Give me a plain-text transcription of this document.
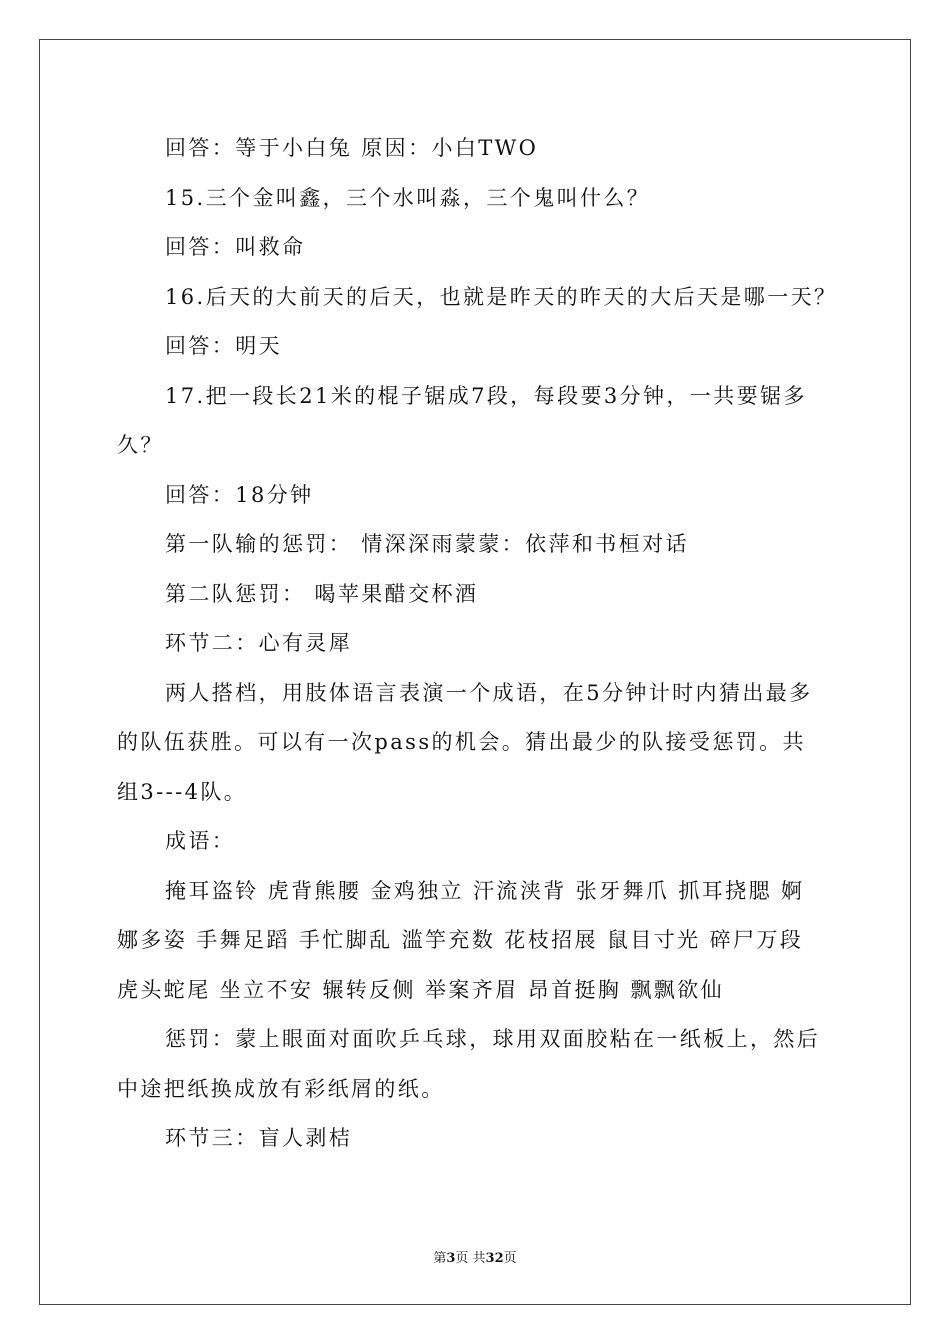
回答：等于小白兔 原因：小白TWO
15.三个金叫鑫，三个水叫淼，三个鬼叫什么？
回答：叫救命
16.后天的大前天的后天，也就是昨天的昨天的大后天是哪一天？
回答：明天
17.把一段长21米的棍子锯成7段，每段要3分钟，一共要锯多
久？
回答：18分钟
第一队输的惩罚： 情深深雨蒙蒙：依萍和书桓对话
第二队惩罚： 喝苹果醋交杯酒
环节二：心有灵犀
两人搭档，用肢体语言表演一个成语，在5分钟计时内猜出最多
的队伍获胜。可以有一次pass的机会。猜出最少的队接受惩罚。共
组3---4队。
成语：
掩耳盗铃 虎背熊腰 金鸡独立 汗流浃背 张牙舞爪 抓耳挠腮 婀
娜多姿 手舞足蹈 手忙脚乱 滥竽充数 花枝招展 鼠目寸光 碎尸万段
虎头蛇尾 坐立不安 辗转反侧 举案齐眉 昂首挺胸 飘飘欲仙
惩罚：蒙上眼面对面吹乒乓球，球用双面胶粘在一纸板上，然后
中途把纸换成放有彩纸屑的纸。
环节三：盲人剥桔
第3页 共32页
